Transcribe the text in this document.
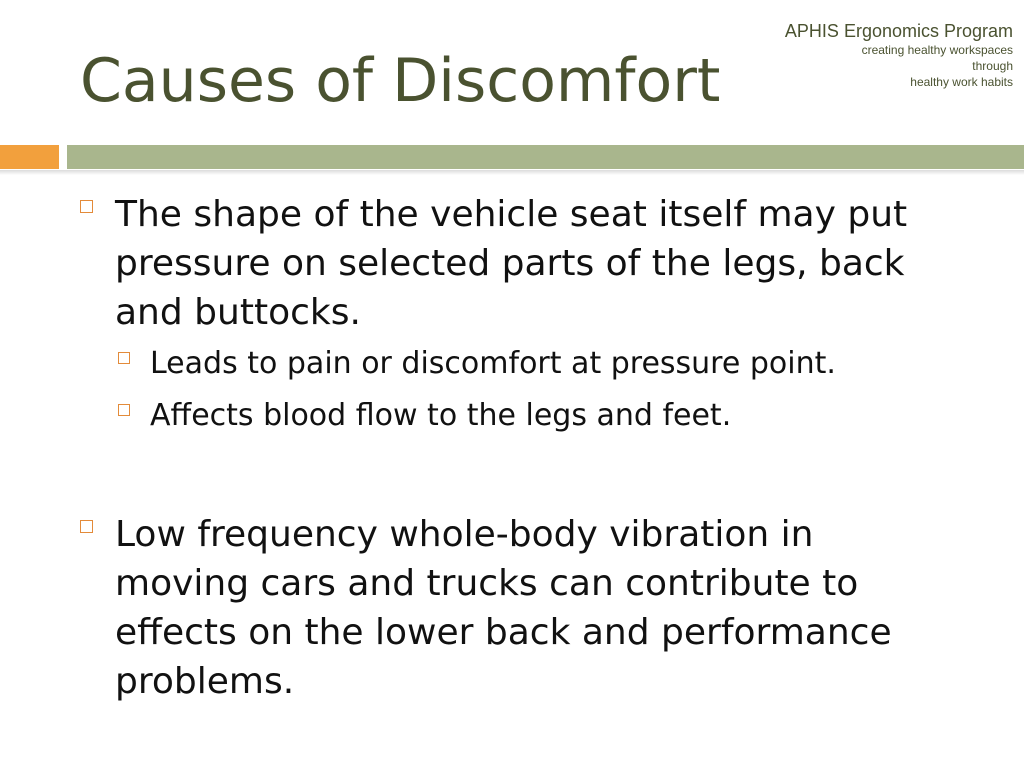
Causes of Discomfort
APHIS Ergonomics Program
creating healthy workspaces
through
healthy work habits
The shape of the vehicle seat itself may put
pressure on selected parts of the legs, back
and buttocks.
Leads to pain or discomfort at pressure point.
Affects blood flow to the legs and feet.
Low frequency whole-body vibration in
moving cars and trucks can contribute to
effects on the lower back and performance
problems.
